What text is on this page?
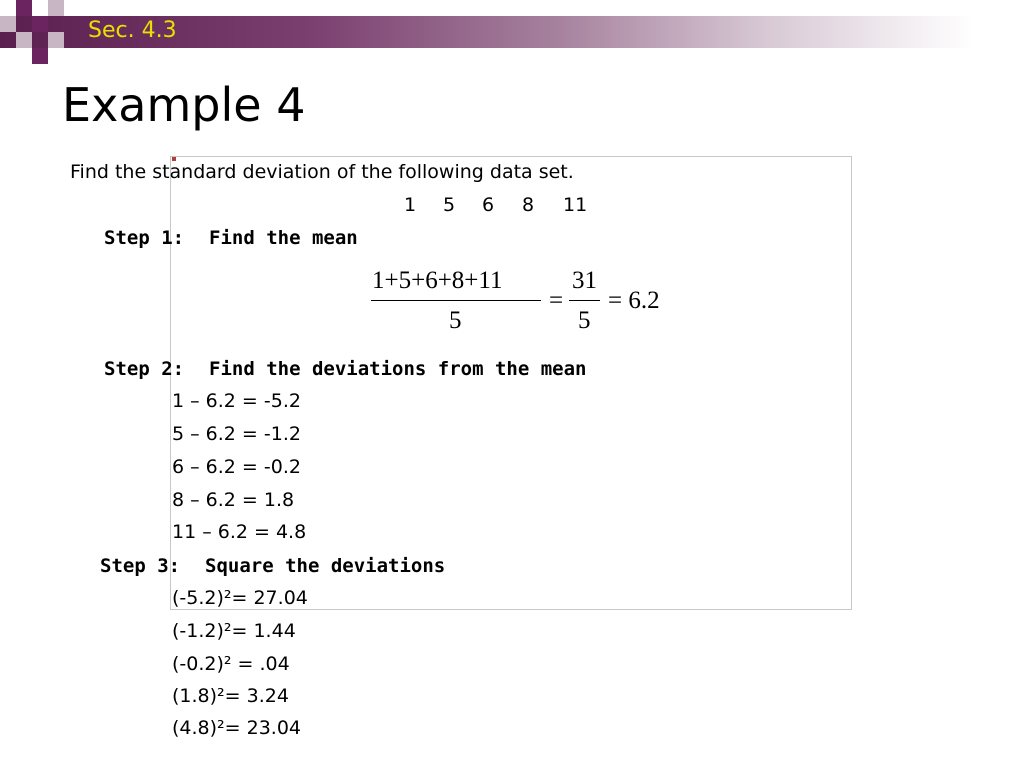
Sec. 4.3
Example 4
Find the standard deviation of the following data set.
1 5 6 8 11
Step 1: Find the mean
1+5+6+8+11
5
=
31
5
= 6.2
Step 2: Find the deviations from the mean
1 – 6.2 = -5.2
5 – 6.2 = -1.2
6 – 6.2 = -0.2
8 – 6.2 = 1.8
11 – 6.2 = 4.8
Step 3: Square the deviations
(-5.2)²= 27.04
(-1.2)²= 1.44
(-0.2)² = .04
(1.8)²= 3.24
(4.8)²= 23.04
